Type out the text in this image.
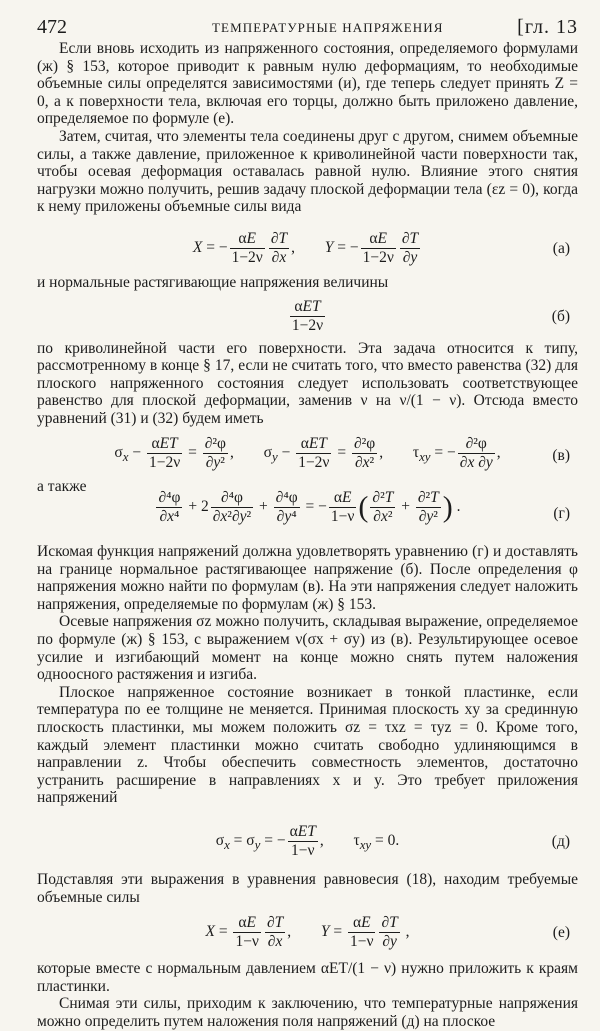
472	ТЕМПЕРАТУРНЫЕ НАПРЯЖЕНИЯ	[гл. 13

Если вновь исходить из напряженного состояния, определяемого формулами (ж) § 153, которое приводит к равным нулю деформациям, то необходимые объемные силы определятся зависимостями (и), где теперь следует принять Z = 0, а к поверхности тела, включая его торцы, должно быть приложено давление, определяемое по формуле (е).

Затем, считая, что элементы тела соединены друг с другом, снимем объемные силы, а также давление, приложенное к криволинейной части поверхности так, чтобы осевая деформация оставалась равной нулю. Влияние этого снятия нагрузки можно получить, решив задачу плоской деформации тела (εz = 0), когда к нему приложены объемные силы вида

X = − $\frac{\alpha E}{1-2\nu} \frac{\partial T}{\partial x}$ ,  Y = − $\frac{\alpha E}{1-2\nu} \frac{\partial T}{\partial y}$	(а)

и нормальные растягивающие напряжения величины

$\frac{\text{αET}}{1-2\nu}$	(б)

по криволинейной части его поверхности. Эта задача относится к типу, рассмотренному в конце § 17, если не считать того, что вместо равенства (32) для плоского напряженного состояния следует использовать соответствующее равенство для плоской деформации, заменив ν на ν/(1 − ν). Отсюда вместо уравнений (31) и (32) будем иметь

$\sigma_x - \frac{\text{αET}}{1-2\nu} = \frac{\text{∂²φ}}{\text{∂y²}}$ ,  $\sigma_y - \frac{\text{αET}}{1-2\nu} = \frac{\text{∂²φ}}{\text{∂x²}}$ ,  $\tau_{xy}$ = − $\frac{\text{∂²φ}}{\partial x \partial y}$ ,	(в)

а также

$\frac{\text{∂⁴φ}}{\text{∂x⁴}} + 2 \frac{\text{∂⁴φ}}{\text{∂x²∂y²}} + \frac{\text{∂⁴φ}}{\text{∂y⁴}}$ = − $\frac{\alpha E}{1-\nu}$ ( $\frac{\text{∂²T}}{\text{∂x²}} + \frac{\text{∂²T}}{\text{∂y²}}$ ) .	(г)

Искомая функция напряжений должна удовлетворять уравнению (г) и доставлять на границе нормальное растягивающее напряжение (б). После определения φ напряжения можно найти по формулам (в). На эти напряжения следует наложить напряжения, определяемые по формулам (ж) § 153.

Осевые напряжения σz можно получить, складывая выражение, определяемое по формуле (ж) § 153, с выражением ν(σx + σy) из (в). Результирующее осевое усилие и изгибающий момент на конце можно снять путем наложения одноосного растяжения и изгиба.

Плоское напряженное состояние возникает в тонкой пластинке, если температура по ее толщине не меняется. Принимая плоскость xy за срединную плоскость пластинки, мы можем положить σz = τxz = τyz = 0. Кроме того, каждый элемент пластинки можно считать свободно удлиняющимся в направлении z. Чтобы обеспечить совместность элементов, достаточно устранить расширение в направлениях x и y. Это требует приложения напряжений

$\sigma_x = \sigma_y$ = − $\frac{\text{αET}}{1-\nu}$ ,  $\tau_{xy} = 0$.	(д)

Подставляя эти выражения в уравнения равновесия (18), находим требуемые объемные силы

$X = \frac{\alpha E}{1-\nu} \frac{\partial T}{\partial x}$ ,  $Y = \frac{\alpha E}{1-\nu} \frac{\partial T}{\partial y}$ ,	(е)

которые вместе с нормальным давлением αET/(1 − ν) нужно приложить к краям пластинки.

Снимая эти силы, приходим к заключению, что температурные напряжения можно определить путем наложения поля напряжений (д) на плоское
